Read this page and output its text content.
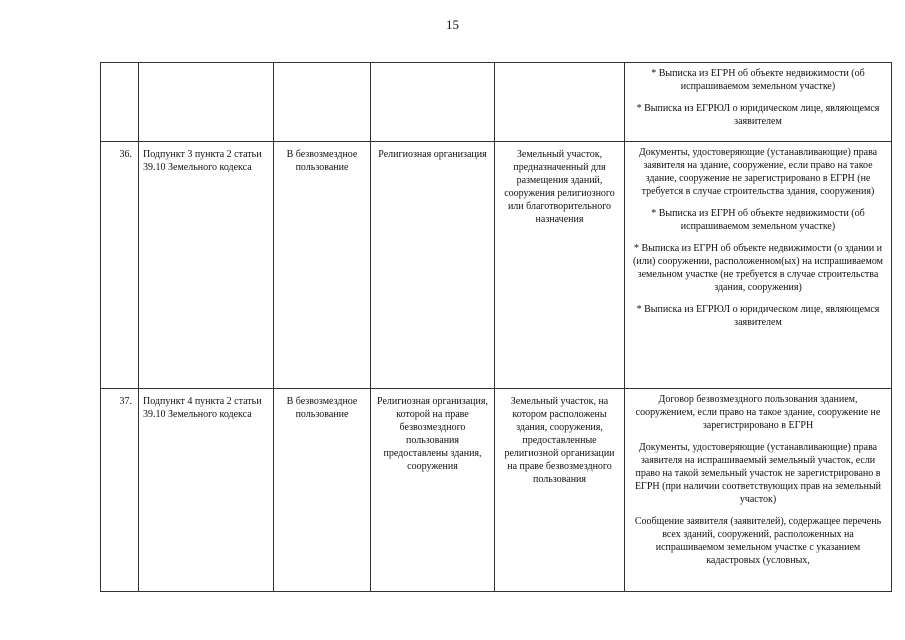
15

					* Выписка из ЕГРН об объекте недвижимости (об испрашиваемом земельном участке)

* Выписка из ЕГРЮЛ о юридическом лице, являющемся заявителем

36.	Подпункт 3 пункта 2 статьи 39.10 Земельного кодекса	В безвозмездное пользование	Религиозная организация	Земельный участок, предназначенный для размещения зданий, сооружения религиозного или благотворительного назначения	Документы, удостоверяющие (устанавливающие) права заявителя на здание, сооружение, если право на такое здание, сооружение не зарегистрировано в ЕГРН (не требуется в случае строительства здания, сооружения)

* Выписка из ЕГРН об объекте недвижимости (об испрашиваемом земельном участке)

* Выписка из ЕГРН об объекте недвижимости (о здании и (или) сооружении, расположенном(ых) на испрашиваемом земельном участке (не требуется в случае строительства здания, сооружения)

* Выписка из ЕГРЮЛ о юридическом лице, являющемся заявителем

37.	Подпункт 4 пункта 2 статьи 39.10 Земельного кодекса	В безвозмездное пользование	Религиозная организация, которой на праве безвозмездного пользования предоставлены здания, сооружения	Земельный участок, на котором расположены здания, сооружения, предоставленные религиозной организации на праве безвозмездного пользования	Договор безвозмездного пользования зданием, сооружением, если право на такое здание, сооружение не зарегистрировано в ЕГРН

Документы, удостоверяющие (устанавливающие) права заявителя на испрашиваемый земельный участок, если право на такой земельный участок не зарегистрировано в ЕГРН (при наличии соответствующих прав на земельный участок)

Сообщение заявителя (заявителей), содержащее перечень всех зданий, сооружений, расположенных на испрашиваемом земельном участке с указанием кадастровых (условных,
